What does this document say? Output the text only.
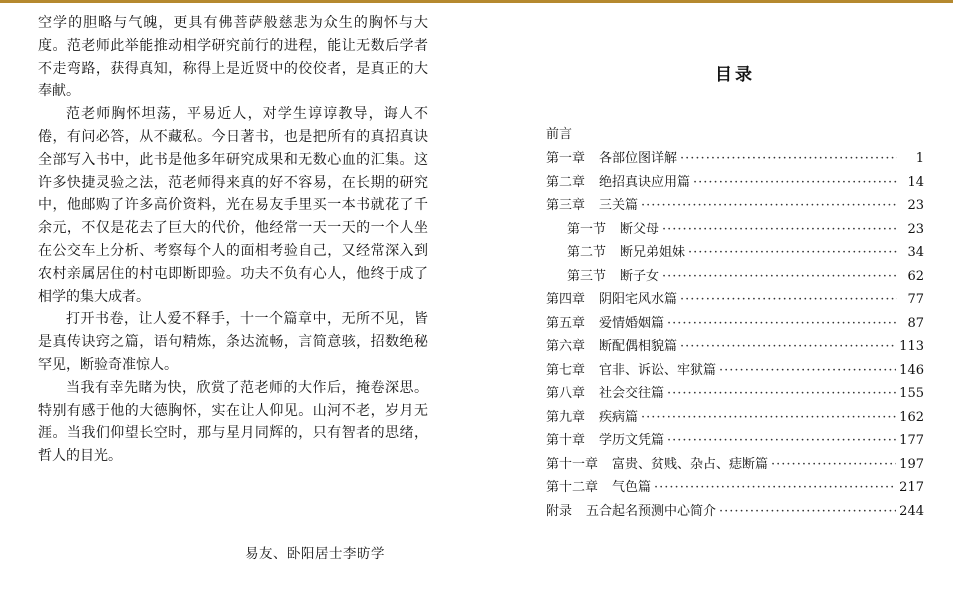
空学的胆略与气魄，更具有佛菩萨般慈悲为众生的胸怀与大度。范老师此举能推动相学研究前行的进程，能让无数后学者不走弯路，获得真知，称得上是近贤中的佼佼者，是真正的大奉献。

范老师胸怀坦荡，平易近人，对学生谆谆教导，诲人不倦，有问必答，从不藏私。今日著书，也是把所有的真招真诀全部写入书中，此书是他多年研究成果和无数心血的汇集。这许多快捷灵验之法，范老师得来真的好不容易，在长期的研究中，他邮购了许多高价资料，光在易友手里买一本书就花了千余元，不仅是花去了巨大的代价，他经常一天一天的一个人坐在公交车上分析、考察每个人的面相考验自己，又经常深入到农村亲属居住的村屯即断即验。功夫不负有心人，他终于成了相学的集大成者。

打开书卷，让人爱不释手，十一个篇章中，无所不见，皆是真传诀窍之篇，语句精炼，条达流畅，言简意骇，招数绝秘罕见，断验奇准惊人。

当我有幸先睹为快，欣赏了范老师的大作后，掩卷深思。特别有感于他的大德胸怀，实在让人仰见。山河不老，岁月无涯。当我们仰望长空时，那与星月同辉的，只有智者的思绪，哲人的目光。

易友、卧阳居士李昉学
目录
前言
第一章 各部位图详解 ·····	1
第二章 绝招真诀应用篇 ·····	14
第三章 三关篇 ·····	23
第一节 断父母 ·····	23
第二节 断兄弟姐妹 ·····	34
第三节 断子女 ·····	62
第四章 阴阳宅风水篇 ·····	77
第五章 爱情婚姻篇 ·····	87
第六章 断配偶相貌篇 ·····	113
第七章 官非、诉讼、牢狱篇 ·····	146
第八章 社会交往篇 ·····	155
第九章 疾病篇 ·····	162
第十章 学历文凭篇 ·····	177
第十一章 富贵、贫贱、杂占、痣断篇 ·····	197
第十二章 气色篇 ·····	217
附录 五合起名预测中心简介 ·····	244
